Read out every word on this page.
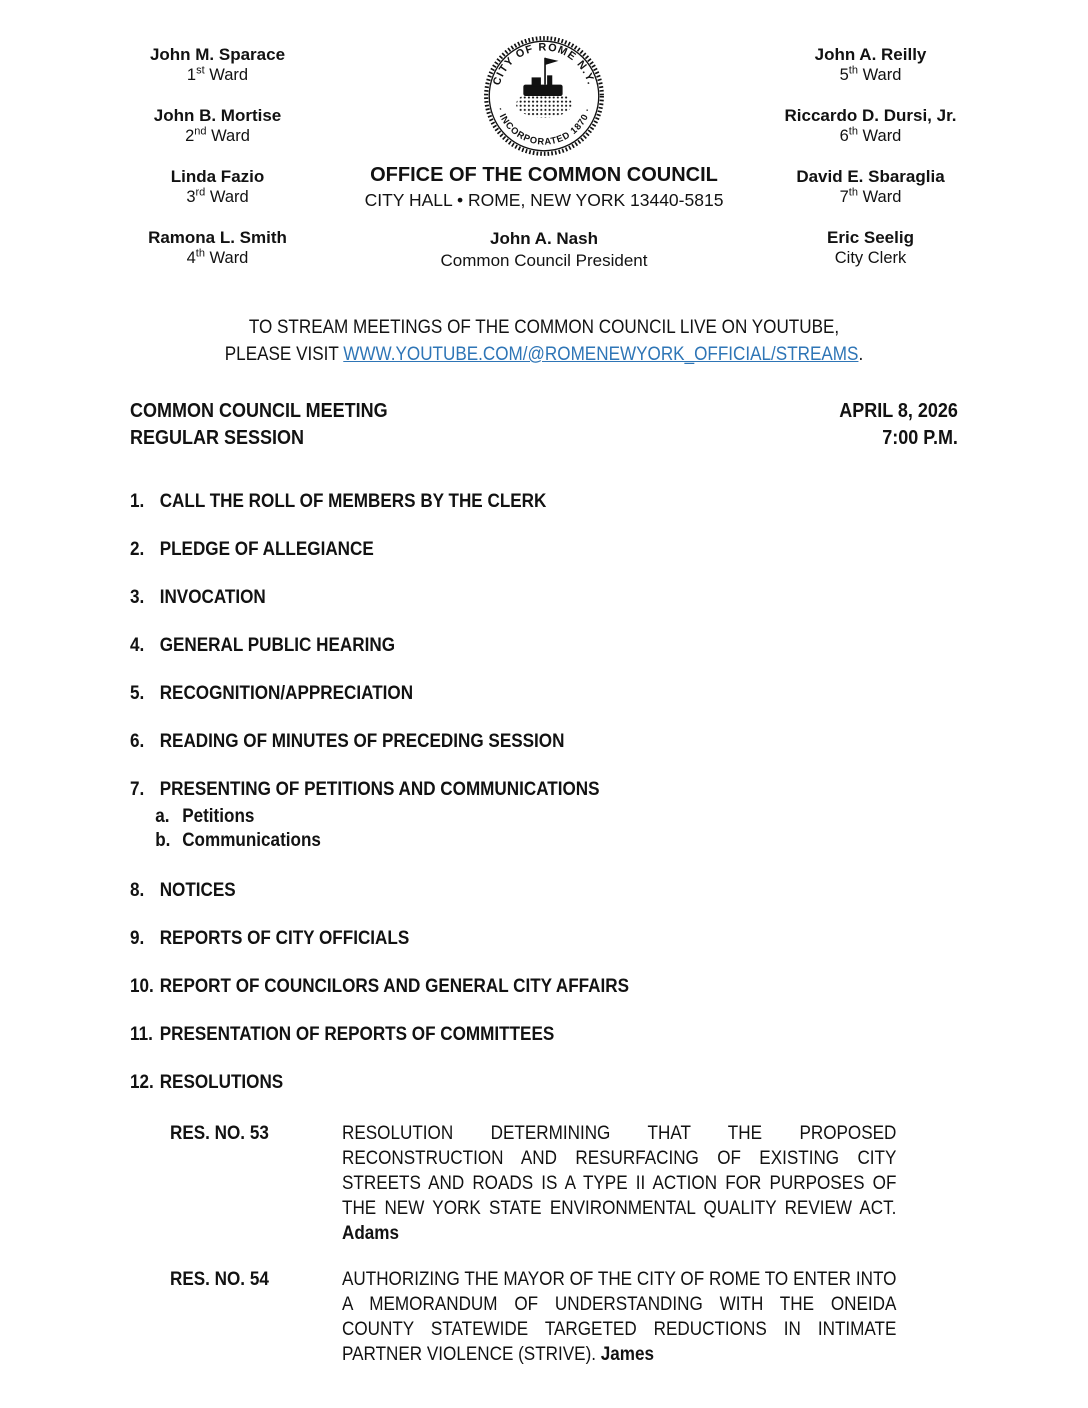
John M. Sparace
1st Ward
John B. Mortise
2nd Ward
Linda Fazio
3rd Ward
Ramona L. Smith
4th Ward
CITY OF ROME N.Y.
· INCORPORATED 1870 ·
OFFICE OF THE COMMON COUNCIL
CITY HALL • ROME, NEW YORK 13440-5815
John A. Nash
Common Council President
John A. Reilly
5th Ward
Riccardo D. Dursi, Jr.
6th Ward
David E. Sbaraglia
7th Ward
Eric Seelig
City Clerk
TO STREAM MEETINGS OF THE COMMON COUNCIL LIVE ON YOUTUBE,
PLEASE VISIT WWW.YOUTUBE.COM/@ROMENEWYORK_OFFICIAL/STREAMS.
COMMON COUNCIL MEETING
REGULAR SESSION
APRIL 8, 2026
7:00 P.M.
1. CALL THE ROLL OF MEMBERS BY THE CLERK
2. PLEDGE OF ALLEGIANCE
3. INVOCATION
4. GENERAL PUBLIC HEARING
5. RECOGNITION/APPRECIATION
6. READING OF MINUTES OF PRECEDING SESSION
7. PRESENTING OF PETITIONS AND COMMUNICATIONS
a. Petitions
b. Communications
8. NOTICES
9. REPORTS OF CITY OFFICIALS
10. REPORT OF COUNCILORS AND GENERAL CITY AFFAIRS
11. PRESENTATION OF REPORTS OF COMMITTEES
12. RESOLUTIONS
RES. NO. 53	RESOLUTION DETERMINING THAT THE PROPOSED RECONSTRUCTION AND RESURFACING OF EXISTING CITY STREETS AND ROADS IS A TYPE II ACTION FOR PURPOSES OF THE NEW YORK STATE ENVIRONMENTAL QUALITY REVIEW ACT. Adams
RES. NO. 54	AUTHORIZING THE MAYOR OF THE CITY OF ROME TO ENTER INTO A MEMORANDUM OF UNDERSTANDING WITH THE ONEIDA COUNTY STATEWIDE TARGETED REDUCTIONS IN INTIMATE PARTNER VIOLENCE (STRIVE). James
